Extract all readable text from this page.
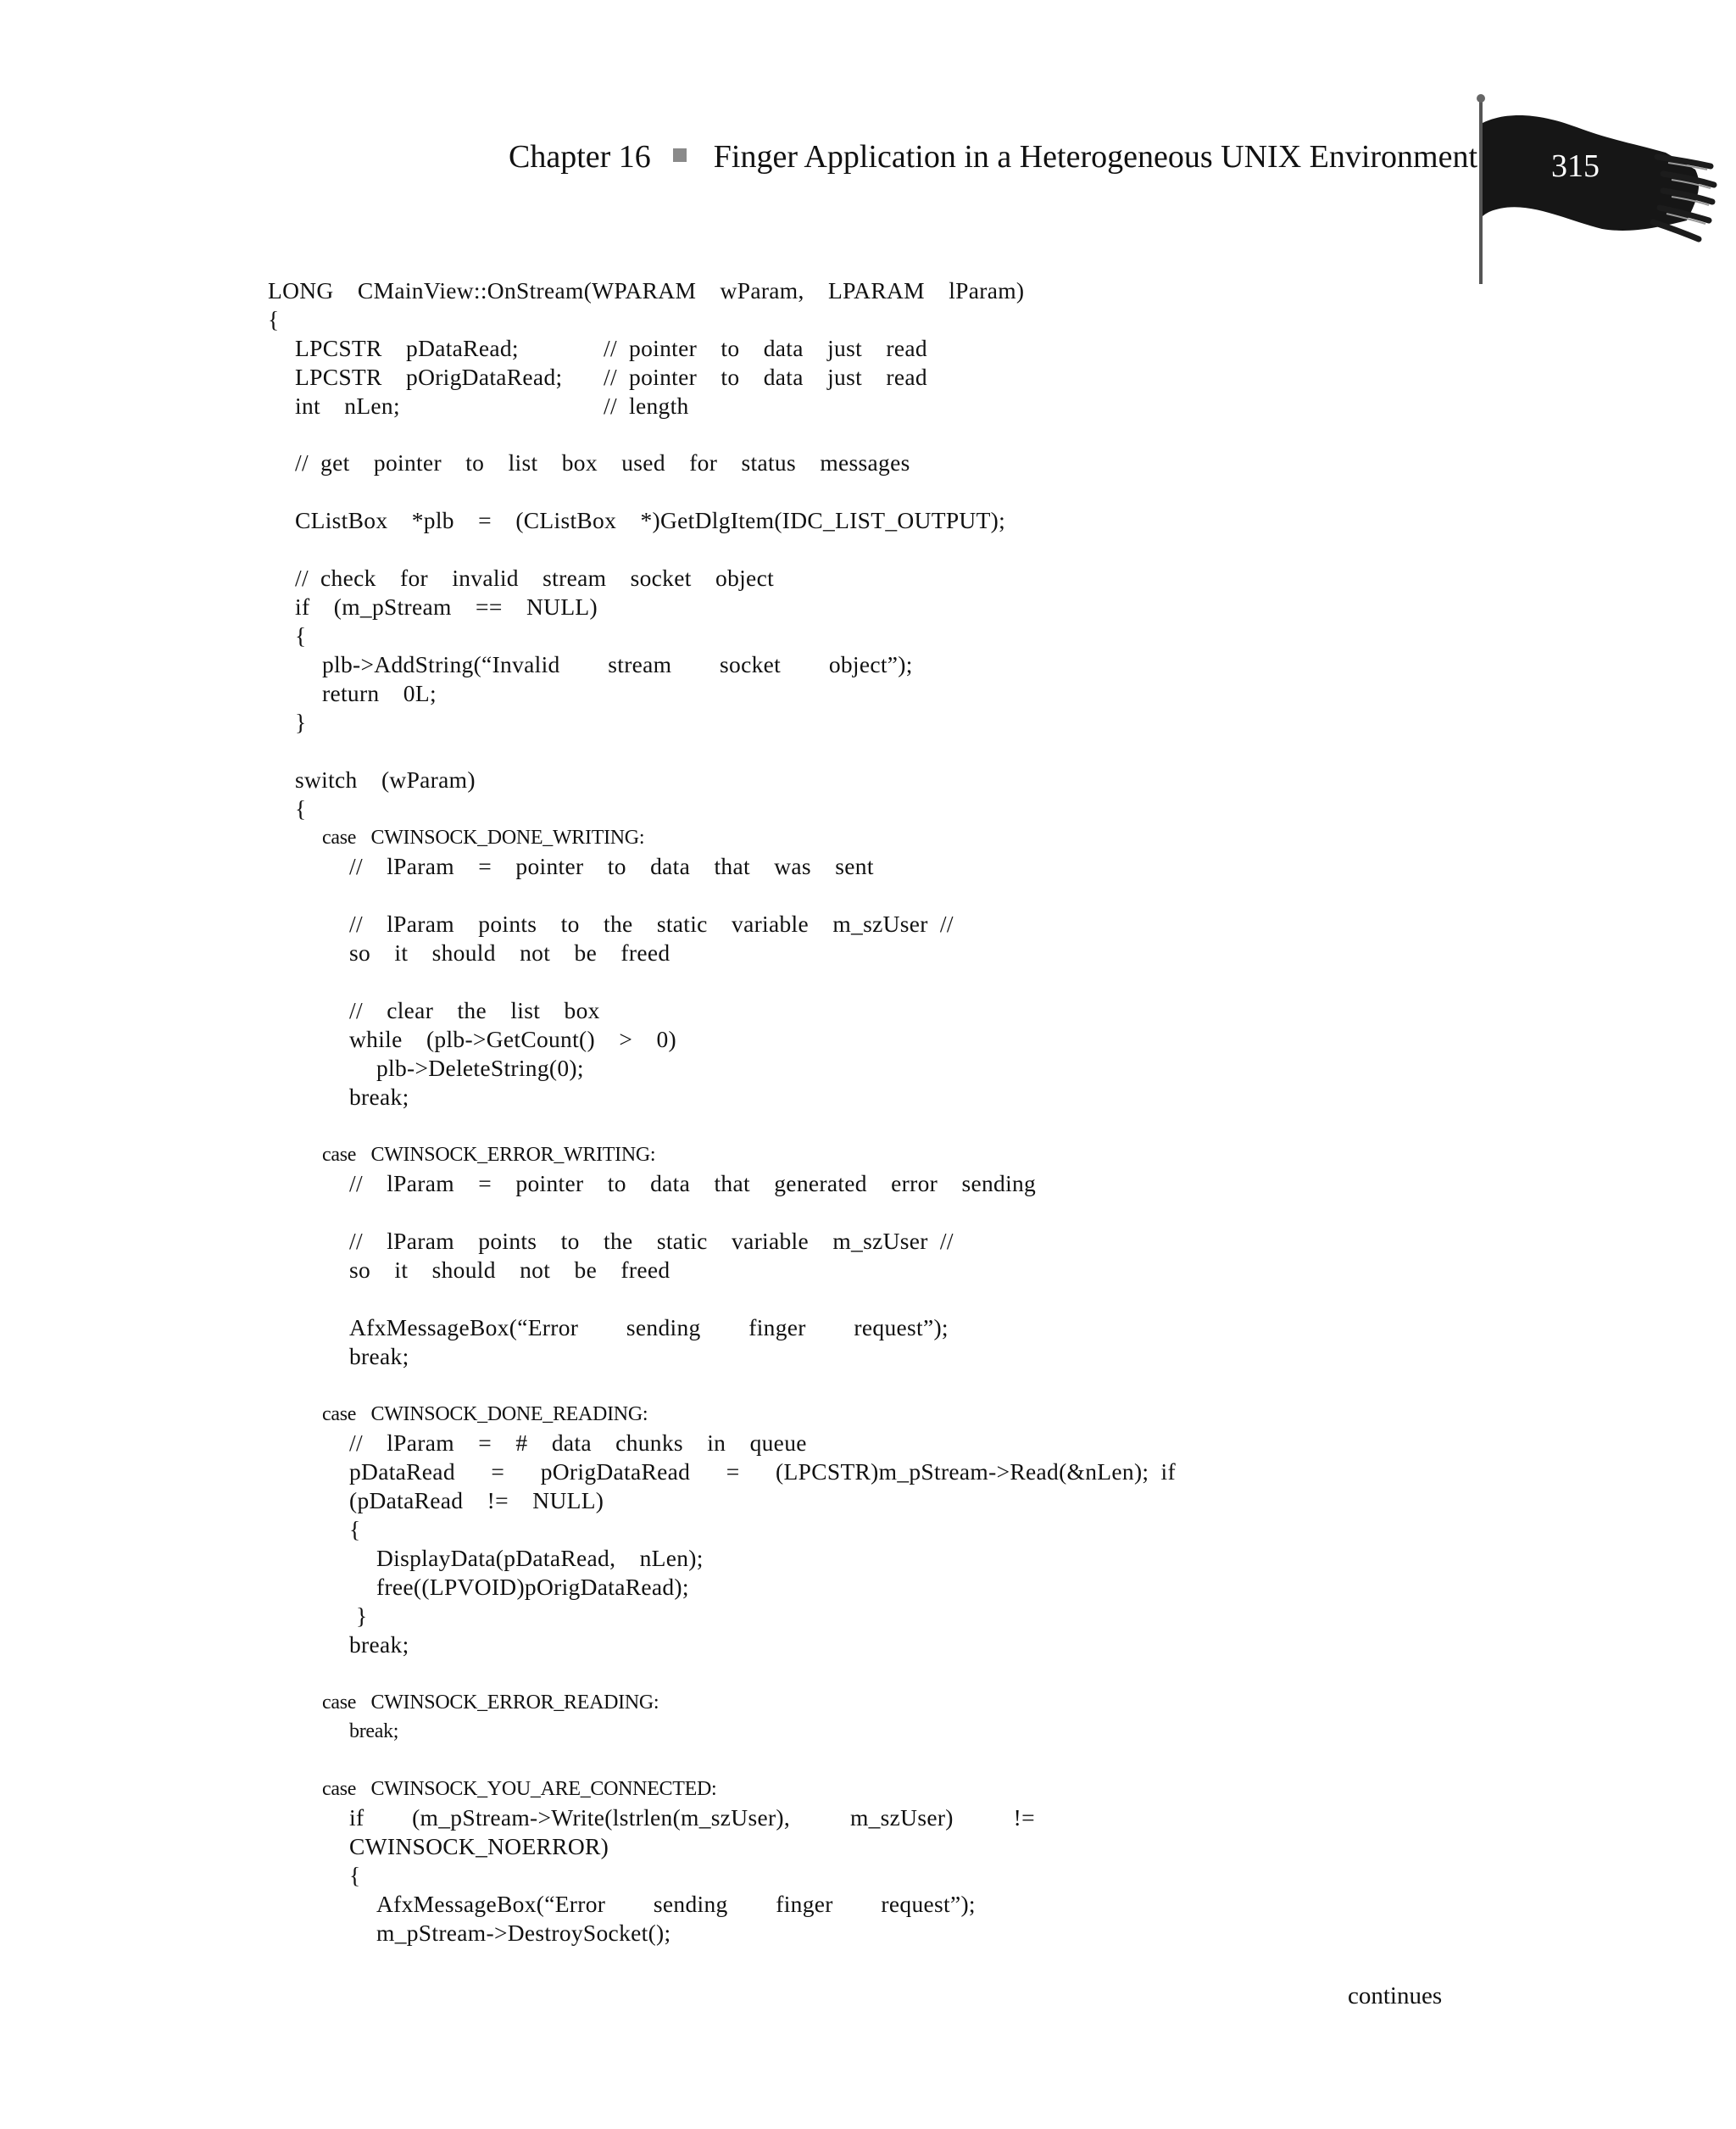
Chapter 16 Finger Application in a Heterogeneous UNIX Environment 315
LONG  CMainView::OnStream(WPARAM  wParam,  LPARAM  lParam)
{
LPCSTR  pDataRead;	// pointer  to  data  just  read
LPCSTR  pOrigDataRead; // pointer  to  data  just  read
int  nLen;	// length
// get  pointer  to  list  box  used  for  status  messages
CListBox  *plb  =  (CListBox  *)GetDlgItem(IDC_LIST_OUTPUT);
// check  for  invalid  stream  socket  object
if  (m_pStream  ==  NULL)
{
plb->AddString(“Invalid    stream    socket    object”);
return  0L;
}
switch  (wParam)
{
case  CWINSOCK_DONE_WRITING:
//  lParam  =  pointer  to  data  that  was  sent
//  lParam  points  to  the  static  variable  m_szUser //
so  it  should  not  be  freed
//  clear  the  list  box
while  (plb->GetCount()  >  0)
plb->DeleteString(0);
break;
case  CWINSOCK_ERROR_WRITING:
//  lParam  =  pointer  to  data  that  generated  error  sending
//  lParam  points  to  the  static  variable  m_szUser //
so  it  should  not  be  freed
AfxMessageBox(“Error    sending    finger    request”);
break;
case  CWINSOCK_DONE_READING:
//  lParam  =  #  data  chunks  in  queue
pDataRead   =   pOrigDataRead   =   (LPCSTR)m_pStream->Read(&nLen); if
(pDataRead  !=  NULL)
{
DisplayData(pDataRead,  nLen);
free((LPVOID)pOrigDataRead);
}
break;
case  CWINSOCK_ERROR_READING:
break;
case  CWINSOCK_YOU_ARE_CONNECTED:
if    (m_pStream->Write(lstrlen(m_szUser),     m_szUser)     !=
CWINSOCK_NOERROR)
{
AfxMessageBox(“Error    sending    finger    request”);
m_pStream->DestroySocket();
continues
